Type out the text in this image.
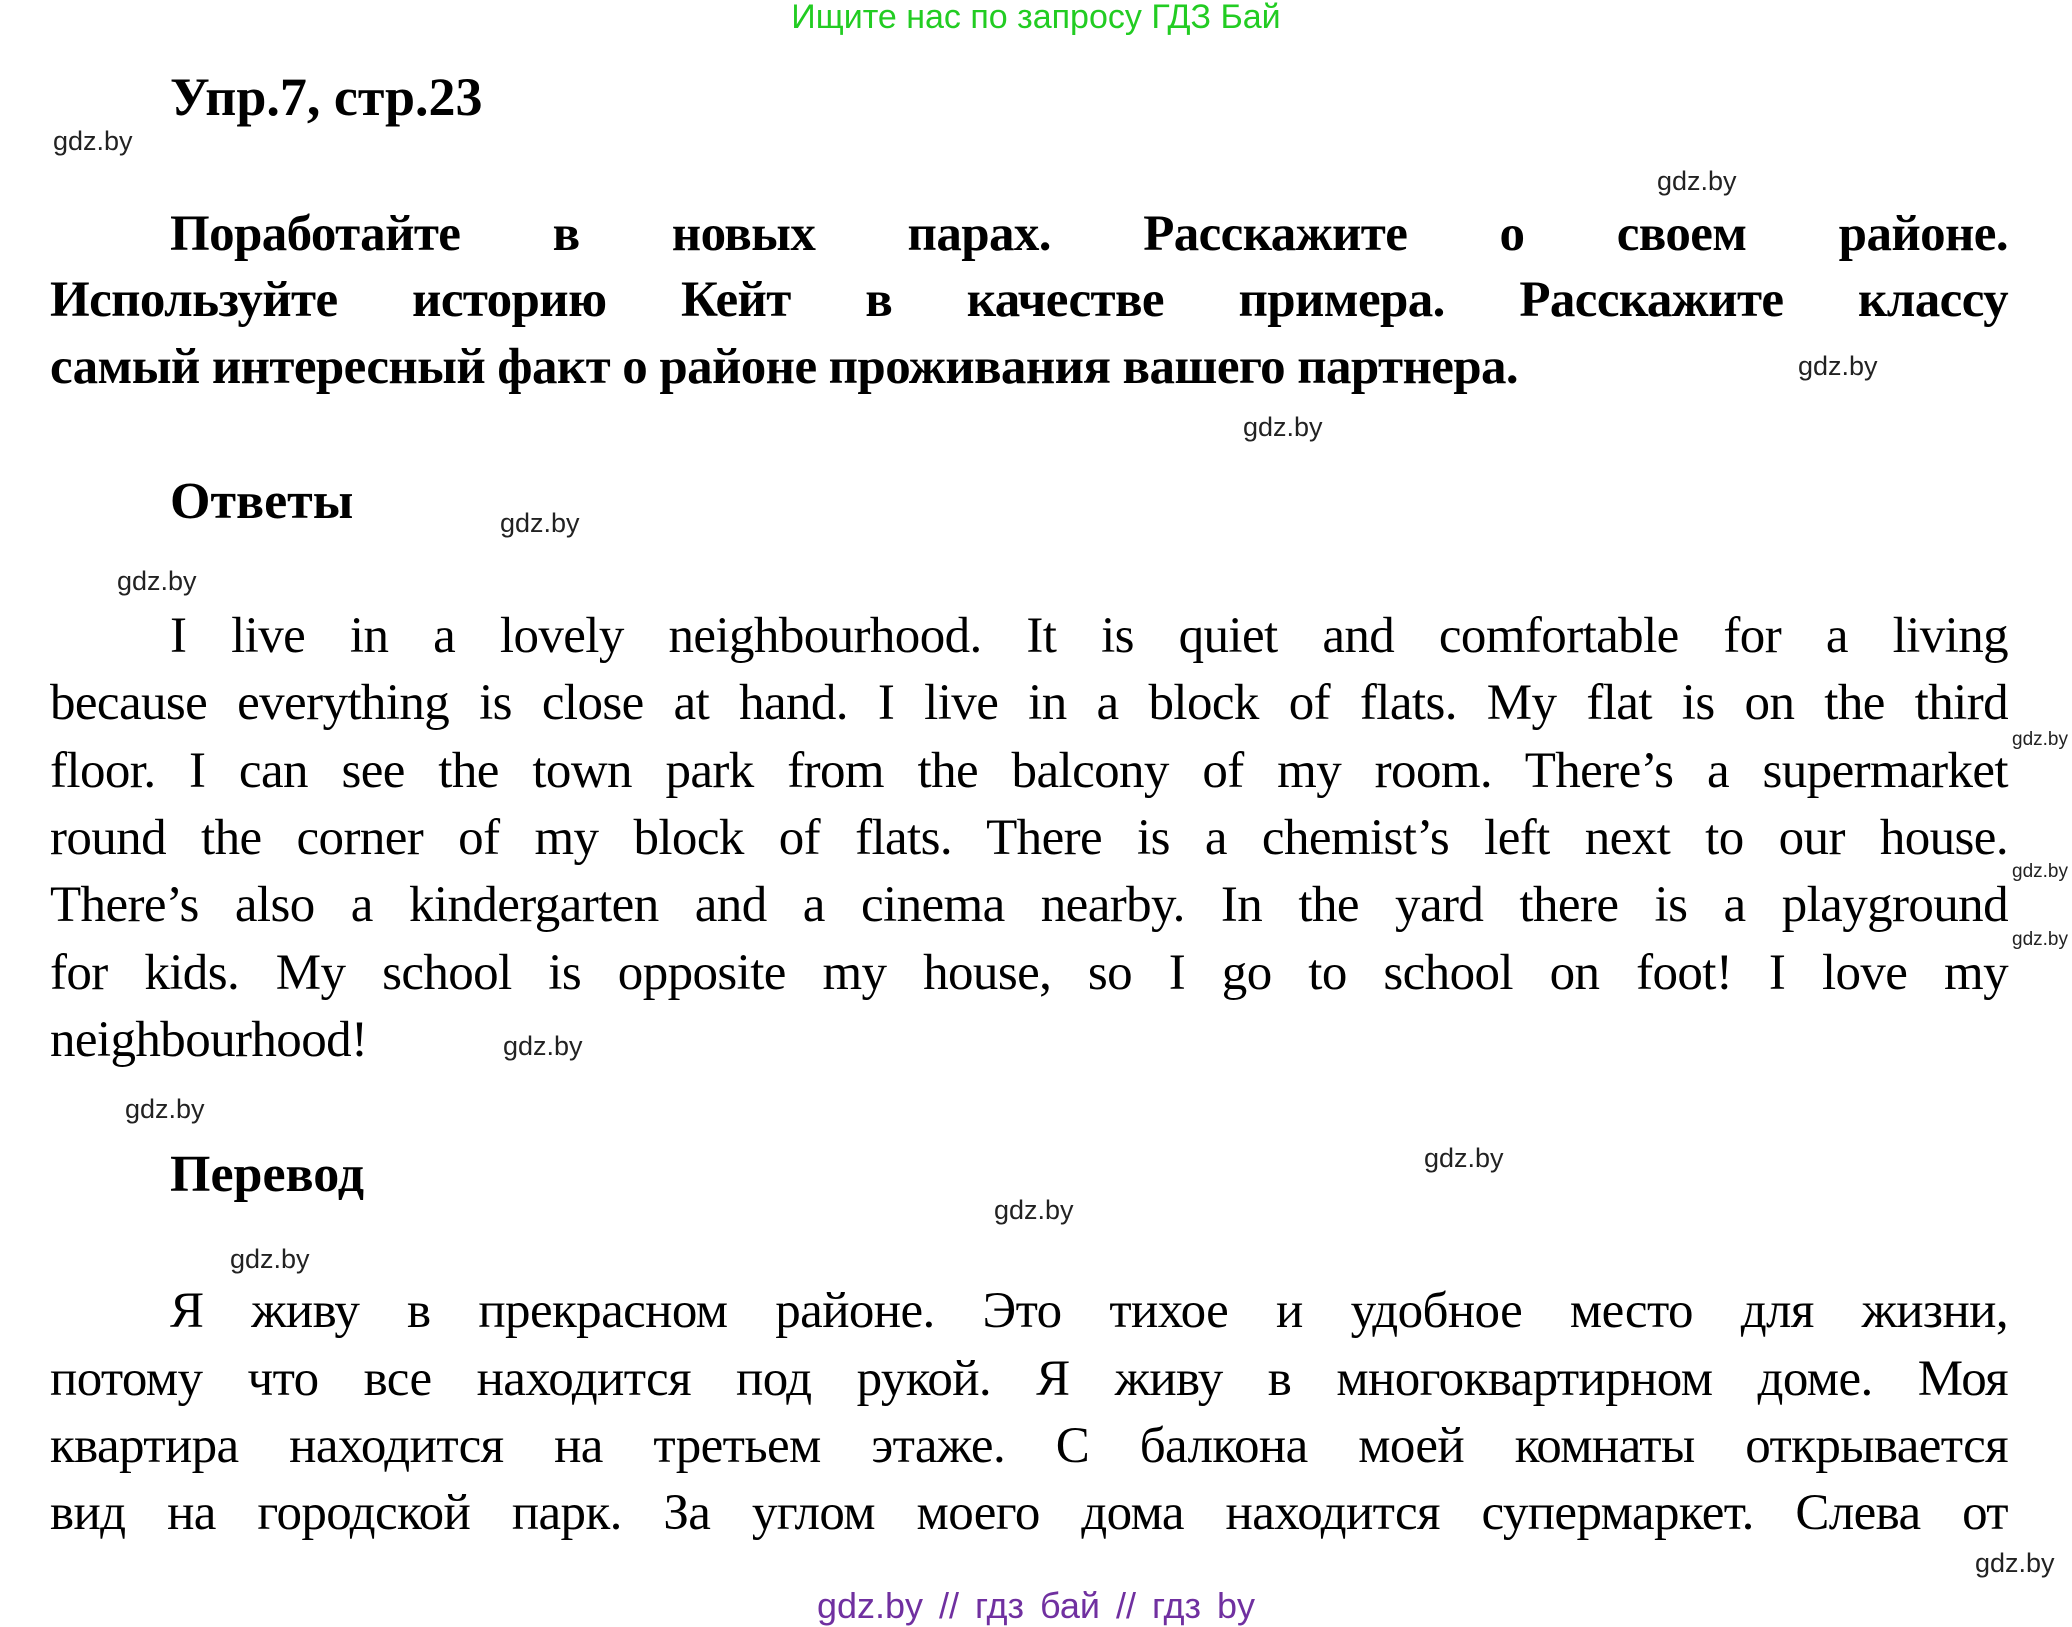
Ищите нас по запросу ГДЗ Бай
Упр.7, стр.23
Поработайте в новых парах. Расскажите о своем районе.
Используйте историю Кейт в качестве примера. Расскажите классу
самый интересный факт о районе проживания вашего партнера.
Ответы
I live in a lovely neighbourhood. It is quiet and comfortable for a living
because everything is close at hand. I live in a block of flats. My flat is on the third
floor. I can see the town park from the balcony of my room. There’s a supermarket
round the corner of my block of flats. There is a chemist’s left next to our house.
There’s also a kindergarten and a cinema nearby. In the yard there is a playground
for kids. My school is opposite my house, so I go to school on foot! I love my
neighbourhood!
Перевод
Я живу в прекрасном районе. Это тихое и удобное место для жизни,
потому что все находится под рукой. Я живу в многоквартирном доме. Моя
квартира находится на третьем этаже. С балкона моей комнаты открывается
вид на городской парк. За углом моего дома находится супермаркет. Слева от
gdz.by
gdz.by
gdz.by
gdz.by
gdz.by
gdz.by
gdz.by
gdz.by
gdz.by
gdz.by
gdz.by
gdz.by
gdz.by
gdz.by
gdz.by
gdz.by // гдз бай // гдз by
